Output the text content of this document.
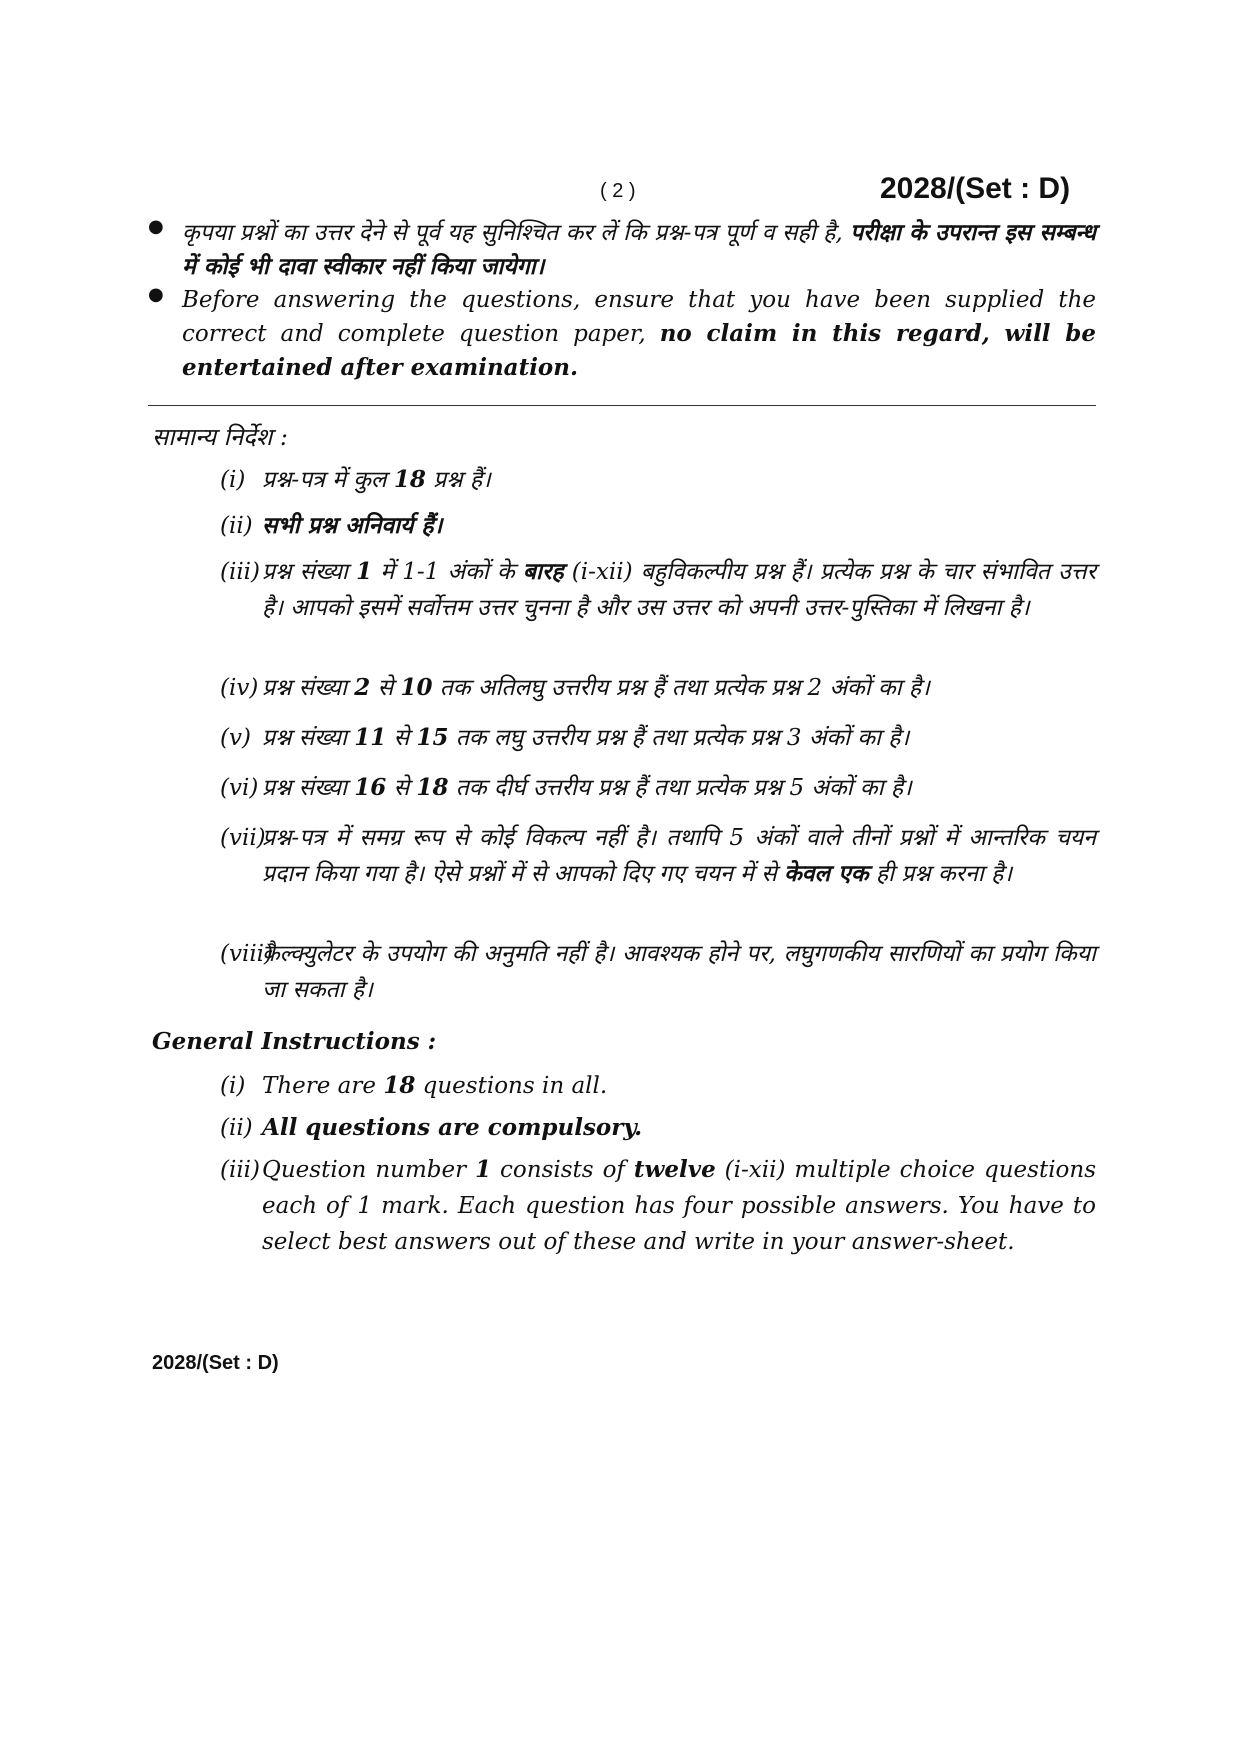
( 2 )	2028/(Set : D)
● कृपया प्रश्नों का उत्तर देने से पूर्व यह सुनिश्चित कर लें कि प्रश्न-पत्र पूर्ण व सही है, परीक्षा के उपरान्त इस सम्बन्ध में कोई भी दावा स्वीकार नहीं किया जायेगा।
● Before answering the questions, ensure that you have been supplied the correct and complete question paper, no claim in this regard, will be entertained after examination.
सामान्य निर्देश :
(i) प्रश्न-पत्र में कुल 18 प्रश्न हैं।
(ii) सभी प्रश्न अनिवार्य हैं।
(iii) प्रश्न संख्या 1 में 1-1 अंकों के बारह (i-xii) बहुविकल्पीय प्रश्न हैं। प्रत्येक प्रश्न के चार संभावित उत्तर है। आपको इसमें सर्वोत्तम उत्तर चुनना है और उस उत्तर को अपनी उत्तर-पुस्तिका में लिखना है।
(iv) प्रश्न संख्या 2 से 10 तक अतिलघु उत्तरीय प्रश्न हैं तथा प्रत्येक प्रश्न 2 अंकों का है।
(v) प्रश्न संख्या 11 से 15 तक लघु उत्तरीय प्रश्न हैं तथा प्रत्येक प्रश्न 3 अंकों का है।
(vi) प्रश्न संख्या 16 से 18 तक दीर्घ उत्तरीय प्रश्न हैं तथा प्रत्येक प्रश्न 5 अंकों का है।
(vii)
प्रश्न-पत्र में समग्र रूप से कोई विकल्प नहीं है। तथापि 5 अंकों वाले तीनों प्रश्नों में आन्तरिक चयन प्रदान किया गया है। ऐसे प्रश्नों में से आपको दिए गए चयन में से केवल एक ही प्रश्न करना है।
(viii)
कैल्क्युलेटर के उपयोग की अनुमति नहीं है। आवश्यक होने पर, लघुगणकीय सारणियों का प्रयोग किया जा सकता है।
General Instructions :
(i) There are 18 questions in all.
(ii) All questions are compulsory.
(iii) Question number 1 consists of twelve (i-xii) multiple choice questions each of 1 mark. Each question has four possible answers. You have to select best answers out of these and write in your answer-sheet.
2028/(Set : D)
